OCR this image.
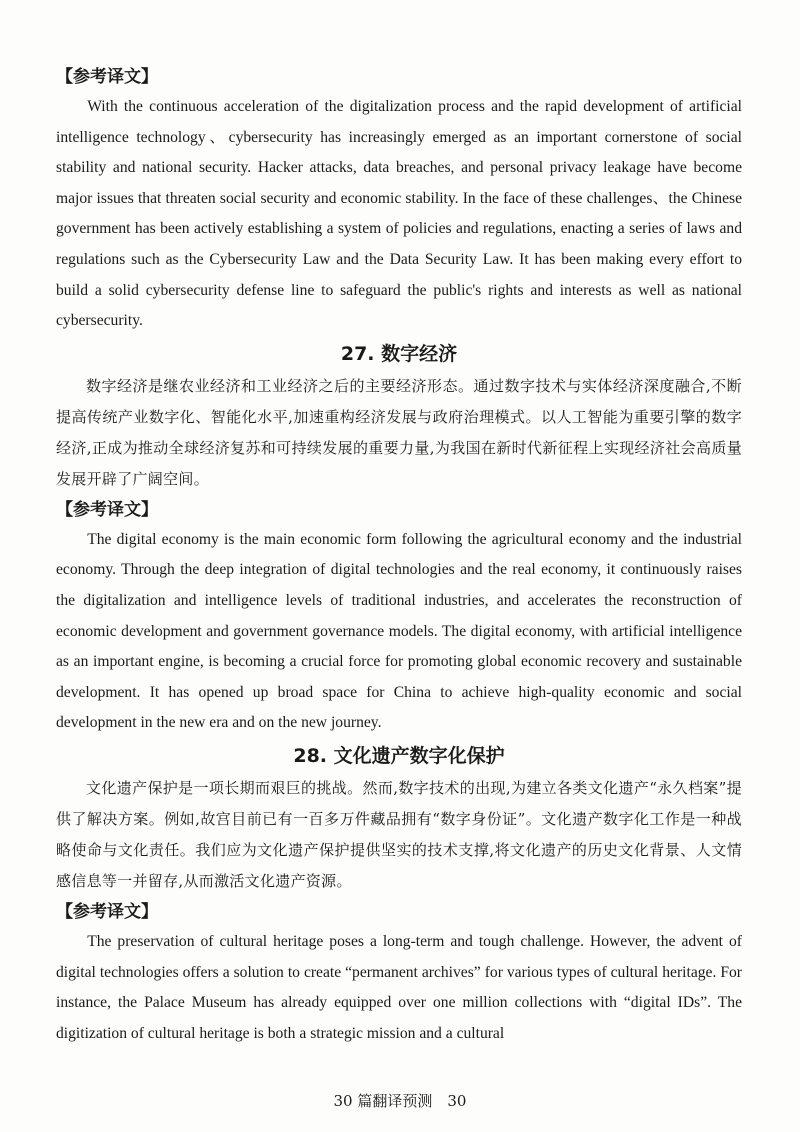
【参考译文】

With the continuous acceleration of the digitalization process and the rapid development of artificial intelligence technology、cybersecurity has increasingly emerged as an important cornerstone of social stability and national security. Hacker attacks, data breaches, and personal privacy leakage have become major issues that threaten social security and economic stability. In the face of these challenges、the Chinese government has been actively establishing a system of policies and regulations, enacting a series of laws and regulations such as the Cybersecurity Law and the Data Security Law. It has been making every effort to build a solid cybersecurity defense line to safeguard the public's rights and interests as well as national cybersecurity.

27. 数字经济

数字经济是继农业经济和工业经济之后的主要经济形态。通过数字技术与实体经济深度融合,不断提高传统产业数字化、智能化水平,加速重构经济发展与政府治理模式。以人工智能为重要引擎的数字经济,正成为推动全球经济复苏和可持续发展的重要力量,为我国在新时代新征程上实现经济社会高质量发展开辟了广阔空间。

【参考译文】

The digital economy is the main economic form following the agricultural economy and the industrial economy. Through the deep integration of digital technologies and the real economy, it continuously raises the digitalization and intelligence levels of traditional industries, and accelerates the reconstruction of economic development and government governance models. The digital economy, with artificial intelligence as an important engine, is becoming a crucial force for promoting global economic recovery and sustainable development. It has opened up broad space for China to achieve high-quality economic and social development in the new era and on the new journey.

28. 文化遗产数字化保护

文化遗产保护是一项长期而艰巨的挑战。然而,数字技术的出现,为建立各类文化遗产“永久档案”提供了解决方案。例如,故宫目前已有一百多万件藏品拥有“数字身份证”。文化遗产数字化工作是一种战略使命与文化责任。我们应为文化遗产保护提供坚实的技术支撑,将文化遗产的历史文化背景、人文情感信息等一并留存,从而激活文化遗产资源。

【参考译文】

The preservation of cultural heritage poses a long-term and tough challenge. However, the advent of digital technologies offers a solution to create “permanent archives” for various types of cultural heritage. For instance, the Palace Museum has already equipped over one million collections with “digital IDs”. The digitization of cultural heritage is both a strategic mission and a cultural

30 篇翻译预测　30
